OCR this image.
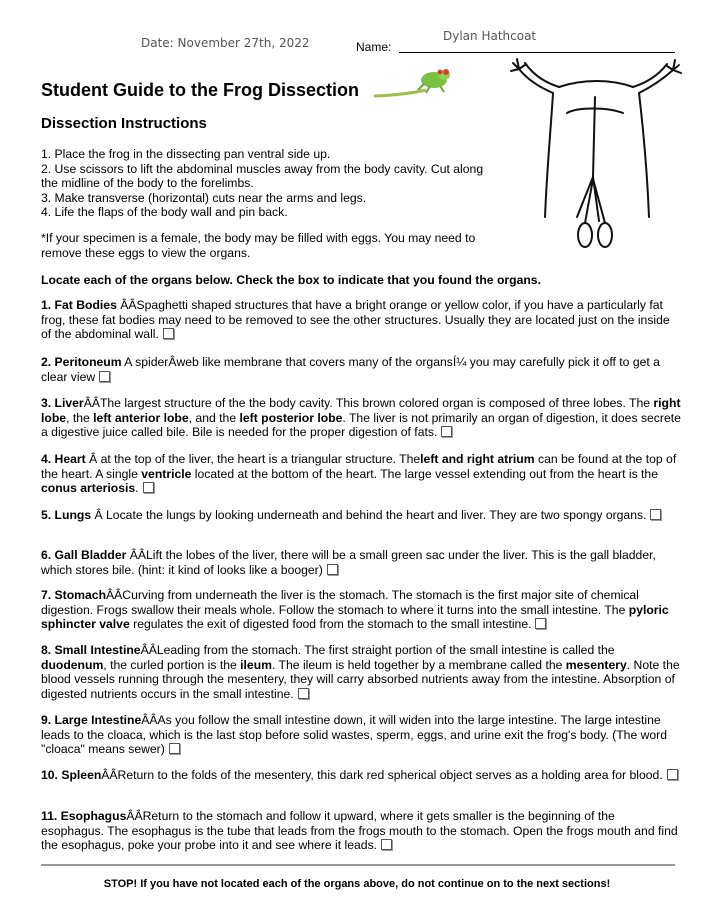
Date: November 27th, 2022	Name:
Dylan Hathcoat
Student Guide to the Frog Dissection
Dissection Instructions
1. Place the frog in the dissecting pan ventral side up.
2. Use scissors to lift the abdominal muscles away from the body cavity. Cut along the midline of the body to the forelimbs.
3. Make transverse (horizontal) cuts near the arms and legs.
4. Life the flaps of the body wall and pin back.
*If your specimen is a female, the body may be filled with eggs. You may need to remove these eggs to view the organs.
Locate each of the organs below. Check the box to indicate that you found the organs.
1. Fat Bodies ÂÂSpaghetti shaped structures that have a bright orange or yellow color, if you have a particularly fat frog, these fat bodies may need to be removed to see the other structures. Usually they are located just on the inside of the abdominal wall.
2. Peritoneum A spiderÂweb like membrane that covers many of the organsÍ¼ you may carefully pick it off to get a clear view
3. LiverÂÂThe largest structure of the the body cavity. This brown colored organ is composed of three lobes. The right lobe, the left anterior lobe, and the left posterior lobe. The liver is not primarily an organ of digestion, it does secrete a digestive juice called bile. Bile is needed for the proper digestion of fats.
4. Heart Â at the top of the liver, the heart is a triangular structure. Theleft and right atrium can be found at the top of the heart. A single ventricle located at the bottom of the heart. The large vessel extending out from the heart is the conus arteriosis.
5. Lungs Â Locate the lungs by looking underneath and behind the heart and liver. They are two spongy organs.
6. Gall Bladder ÂÂLift the lobes of the liver, there will be a small green sac under the liver. This is the gall bladder, which stores bile. (hint: it kind of looks like a booger)
7. StomachÂÂCurving from underneath the liver is the stomach. The stomach is the first major site of chemical digestion. Frogs swallow their meals whole. Follow the stomach to where it turns into the small intestine. The pyloric sphincter valve regulates the exit of digested food from the stomach to the small intestine.
8. Small IntestineÂÂLeading from the stomach. The first straight portion of the small intestine is called the duodenum, the curled portion is the ileum. The ileum is held together by a membrane called the mesentery. Note the blood vessels running through the mesentery, they will carry absorbed nutrients away from the intestine. Absorption of digested nutrients occurs in the small intestine.
9. Large IntestineÂÂAs you follow the small intestine down, it will widen into the large intestine. The large intestine leads to the cloaca, which is the last stop before solid wastes, sperm, eggs, and urine exit the frog's body. (The word "cloaca" means sewer)
10. SpleenÂÂReturn to the folds of the mesentery, this dark red spherical object serves as a holding area for blood.
11. EsophagusÂÂReturn to the stomach and follow it upward, where it gets smaller is the beginning of the esophagus. The esophagus is the tube that leads from the frogs mouth to the stomach. Open the frogs mouth and find the esophagus, poke your probe into it and see where it leads.
STOP! If you have not located each of the organs above, do not continue on to the next sections!
